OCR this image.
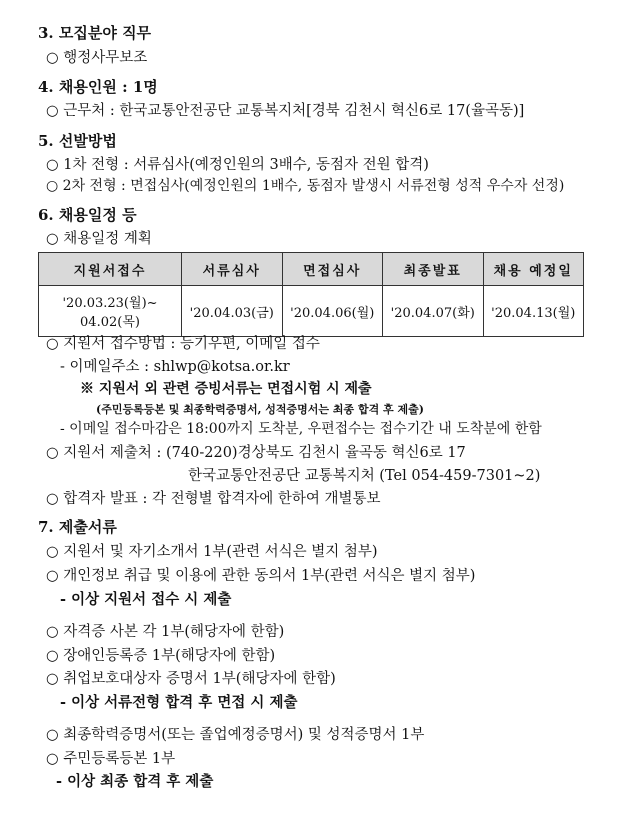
3. 모집분야 직무
○ 행정사무보조
4. 채용인원 : 1명
○ 근무처 : 한국교통안전공단 교통복지처[경북 김천시 혁신6로 17(율곡동)]
5. 선발방법
○ 1차 전형 : 서류심사(예정인원의 3배수, 동점자 전원 합격)
○ 2차 전형 : 면접심사(예정인원의 1배수, 동점자 발생시 서류전형 성적 우수자 선정)
6. 채용일정 등
○ 채용일정 계획
지원서접수	서류심사	면접심사	최종발표	채용 예정일
'20.03.23(월)~ 04.02(목)	'20.04.03(금)	'20.04.06(월)	'20.04.07(화)	'20.04.13(월)
○ 지원서 접수방법 : 등기우편, 이메일 접수
- 이메일주소 : shlwp@kotsa.or.kr
※ 지원서 외 관련 증빙서류는 면접시험 시 제출
(주민등록등본 및 최종학력증명서, 성적증명서는 최종 합격 후 제출)
- 이메일 접수마감은 18:00까지 도착분, 우편접수는 접수기간 내 도착분에 한함
○ 지원서 제출처 : (740-220)경상북도 김천시 율곡동 혁신6로 17
한국교통안전공단 교통복지처 (Tel 054-459-7301~2)
○ 합격자 발표 : 각 전형별 합격자에 한하여 개별통보
7. 제출서류
○ 지원서 및 자기소개서 1부(관련 서식은 별지 첨부)
○ 개인정보 취급 및 이용에 관한 동의서 1부(관련 서식은 별지 첨부)
- 이상 지원서 접수 시 제출
○ 자격증 사본 각 1부(해당자에 한함)
○ 장애인등록증 1부(해당자에 한함)
○ 취업보호대상자 증명서 1부(해당자에 한함)
- 이상 서류전형 합격 후 면접 시 제출
○ 최종학력증명서(또는 졸업예정증명서) 및 성적증명서 1부
○ 주민등록등본 1부
- 이상 최종 합격 후 제출
